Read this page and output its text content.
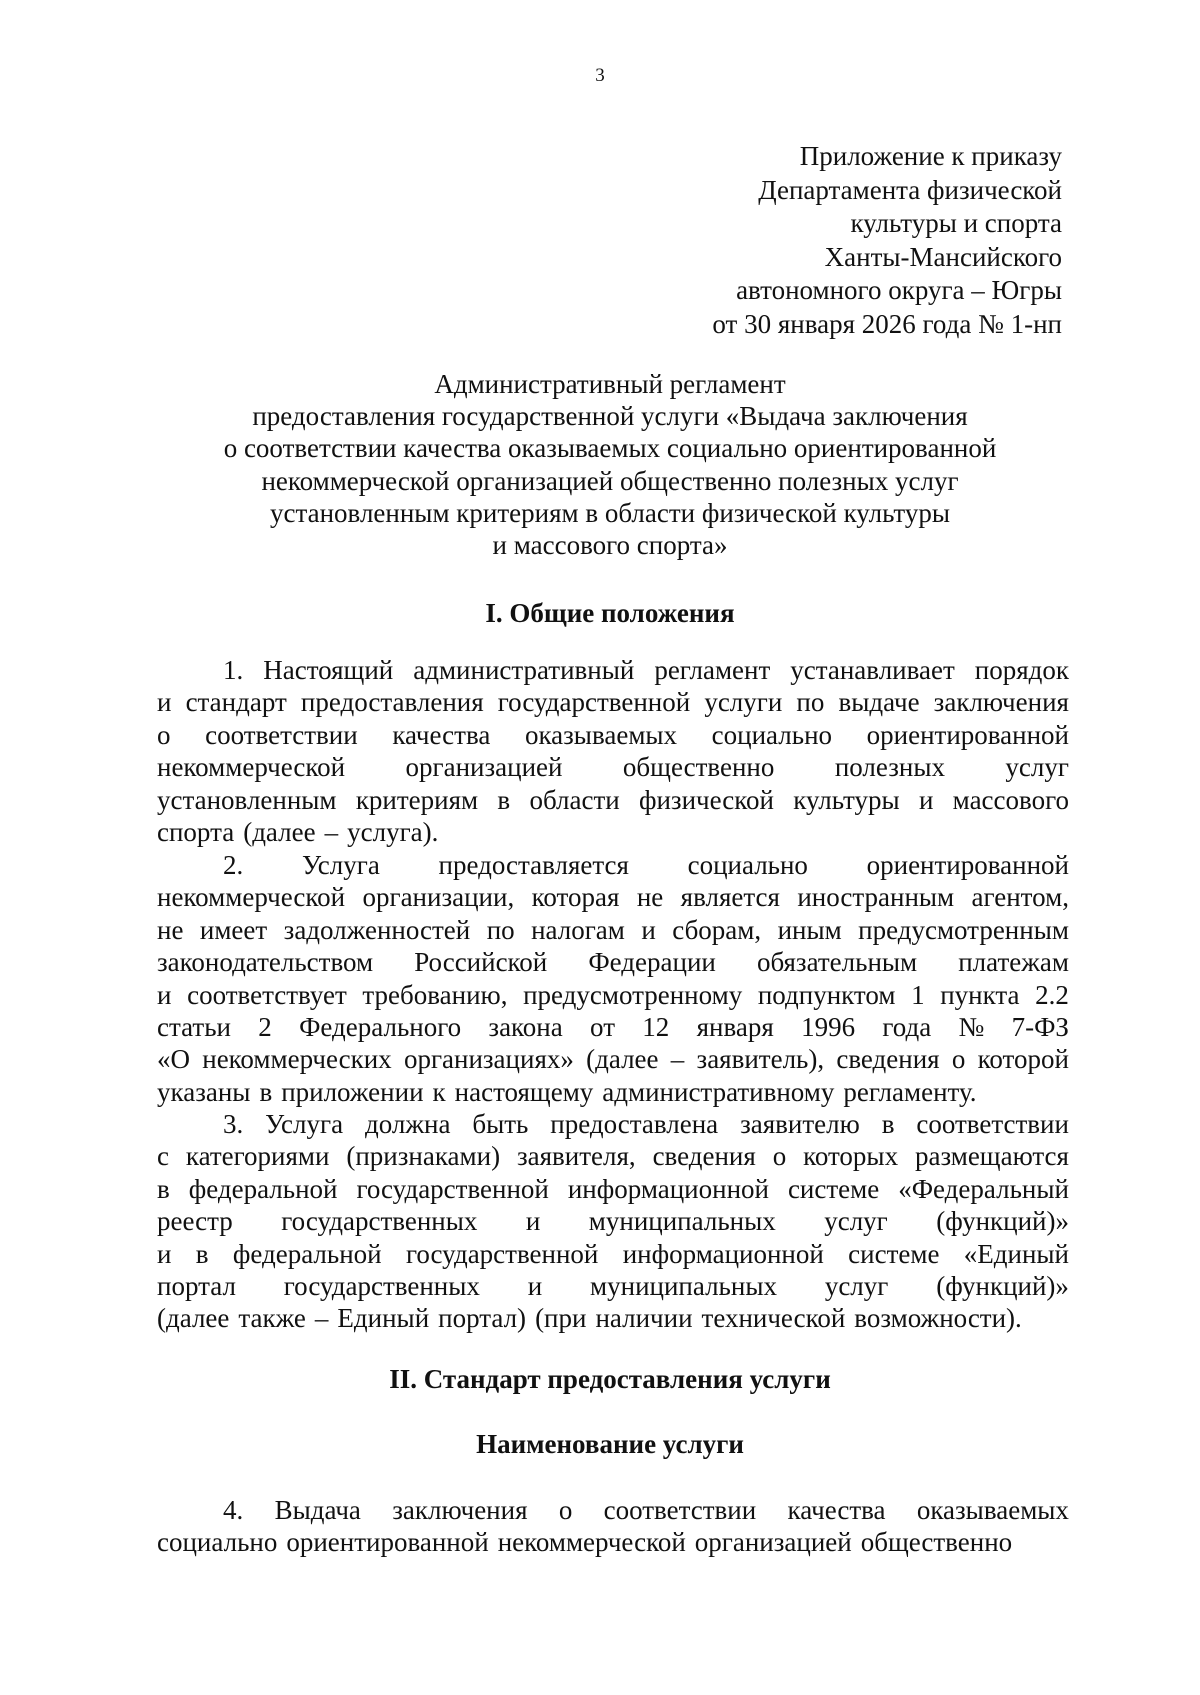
3
Приложение к приказу
Департамента физической
культуры и спорта
Ханты-Мансийского
автономного округа – Югры
от 30 января 2026 года № 1-нп
Административный регламент
предоставления государственной услуги «Выдача заключения
о соответствии качества оказываемых социально ориентированной
некоммерческой организацией общественно полезных услуг
установленным критериям в области физической культуры
и массового спорта»
I. Общие положения
1. Настоящий административный регламент устанавливает порядок
и стандарт предоставления государственной услуги по выдаче заключения
о соответствии качества оказываемых социально ориентированной
некоммерческой организацией общественно полезных услуг
установленным критериям в области физической культуры и массового
спорта (далее – услуга).
2. Услуга предоставляется социально ориентированной
некоммерческой организации, которая не является иностранным агентом,
не имеет задолженностей по налогам и сборам, иным предусмотренным
законодательством Российской Федерации обязательным платежам
и соответствует требованию, предусмотренному подпунктом 1 пункта 2.2
статьи 2 Федерального закона от 12 января 1996 года № 7-ФЗ
«О некоммерческих организациях» (далее – заявитель), сведения о которой
указаны в приложении к настоящему административному регламенту.
3. Услуга должна быть предоставлена заявителю в соответствии
с категориями (признаками) заявителя, сведения о которых размещаются
в федеральной государственной информационной системе «Федеральный
реестр государственных и муниципальных услуг (функций)»
и в федеральной государственной информационной системе «Единый
портал государственных и муниципальных услуг (функций)»
(далее также – Единый портал) (при наличии технической возможности).
II. Стандарт предоставления услуги
Наименование услуги
4. Выдача заключения о соответствии качества оказываемых
социально ориентированной некоммерческой организацией общественно
